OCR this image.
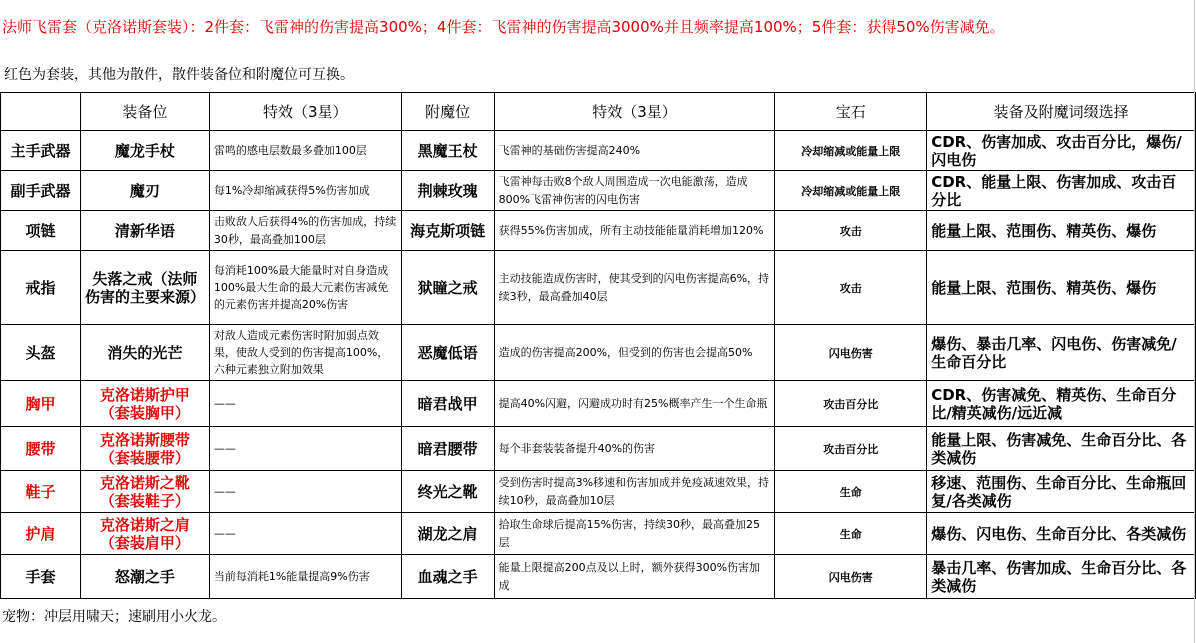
法师飞雷套（克洛诺斯套装）：2件套：飞雷神的伤害提高300%；4件套：飞雷神的伤害提高3000%并且频率提高100%；5件套：获得50%伤害减免。
红色为套装，其他为散件，散件装备位和附魔位可互换。
	装备位	特效（3星）	附魔位	特效（3星）	宝石	装备及附魔词缀选择
主手武器	魔龙手杖	雷鸣的感电层数最多叠加100层	黑魔王杖	飞雷神的基础伤害提高240%	冷却缩减或能量上限	CDR、伤害加成、攻击百分比，爆伤/闪电伤
副手武器	魔刃	每1%冷却缩减获得5%伤害加成	荆棘玫瑰	飞雷神每击败8个敌人周围造成一次电能激荡，造成800%飞雷神伤害的闪电伤害	冷却缩减或能量上限	CDR、能量上限、伤害加成、攻击百分比
项链	清新华语	击败敌人后获得4%的伤害加成，持续30秒，最高叠加100层	海克斯项链	获得55%伤害加成，所有主动技能能量消耗增加120%	攻击	能量上限、范围伤、精英伤、爆伤
戒指	失落之戒（法师伤害的主要来源）	每消耗100%最大能量时对自身造成100%最大生命的最大元素伤害减免的元素伤害并提高20%伤害	狱瞳之戒	主动技能造成伤害时，使其受到的闪电伤害提高6%，持续3秒，最高叠加40层	攻击	能量上限、范围伤、精英伤、爆伤
头盔	消失的光芒	对敌人造成元素伤害时附加弱点效果，使敌人受到的伤害提高100%，六种元素独立附加效果	恶魔低语	造成的伤害提高200%，但受到的伤害也会提高50%	闪电伤害	爆伤、暴击几率、闪电伤、伤害减免/生命百分比
胸甲	克洛诺斯护甲（套装胸甲）	——	暗君战甲	提高40%闪避，闪避成功时有25%概率产生一个生命瓶	攻击百分比	CDR、伤害减免、精英伤、生命百分比/精英减伤/远近减
腰带	克洛诺斯腰带（套装腰带）	——	暗君腰带	每个非套装装备提升40%的伤害	攻击百分比	能量上限、伤害减免、生命百分比、各类减伤
鞋子	克洛诺斯之靴（套装鞋子）	——	终光之靴	受到伤害时提高3%移速和伤害加成并免疫减速效果，持续10秒，最高叠加10层	生命	移速、范围伤、生命百分比、生命瓶回复/各类减伤
护肩	克洛诺斯之肩（套装肩甲）	——	湖龙之肩	拾取生命球后提高15%伤害，持续30秒，最高叠加25层	生命	爆伤、闪电伤、生命百分比、各类减伤
手套	怒潮之手	当前每消耗1%能量提高9%伤害	血魂之手	能量上限提高200点及以上时，额外获得300%伤害加成	闪电伤害	暴击几率、伤害加成、生命百分比、各类减伤
宠物：冲层用啸天；速刷用小火龙。
